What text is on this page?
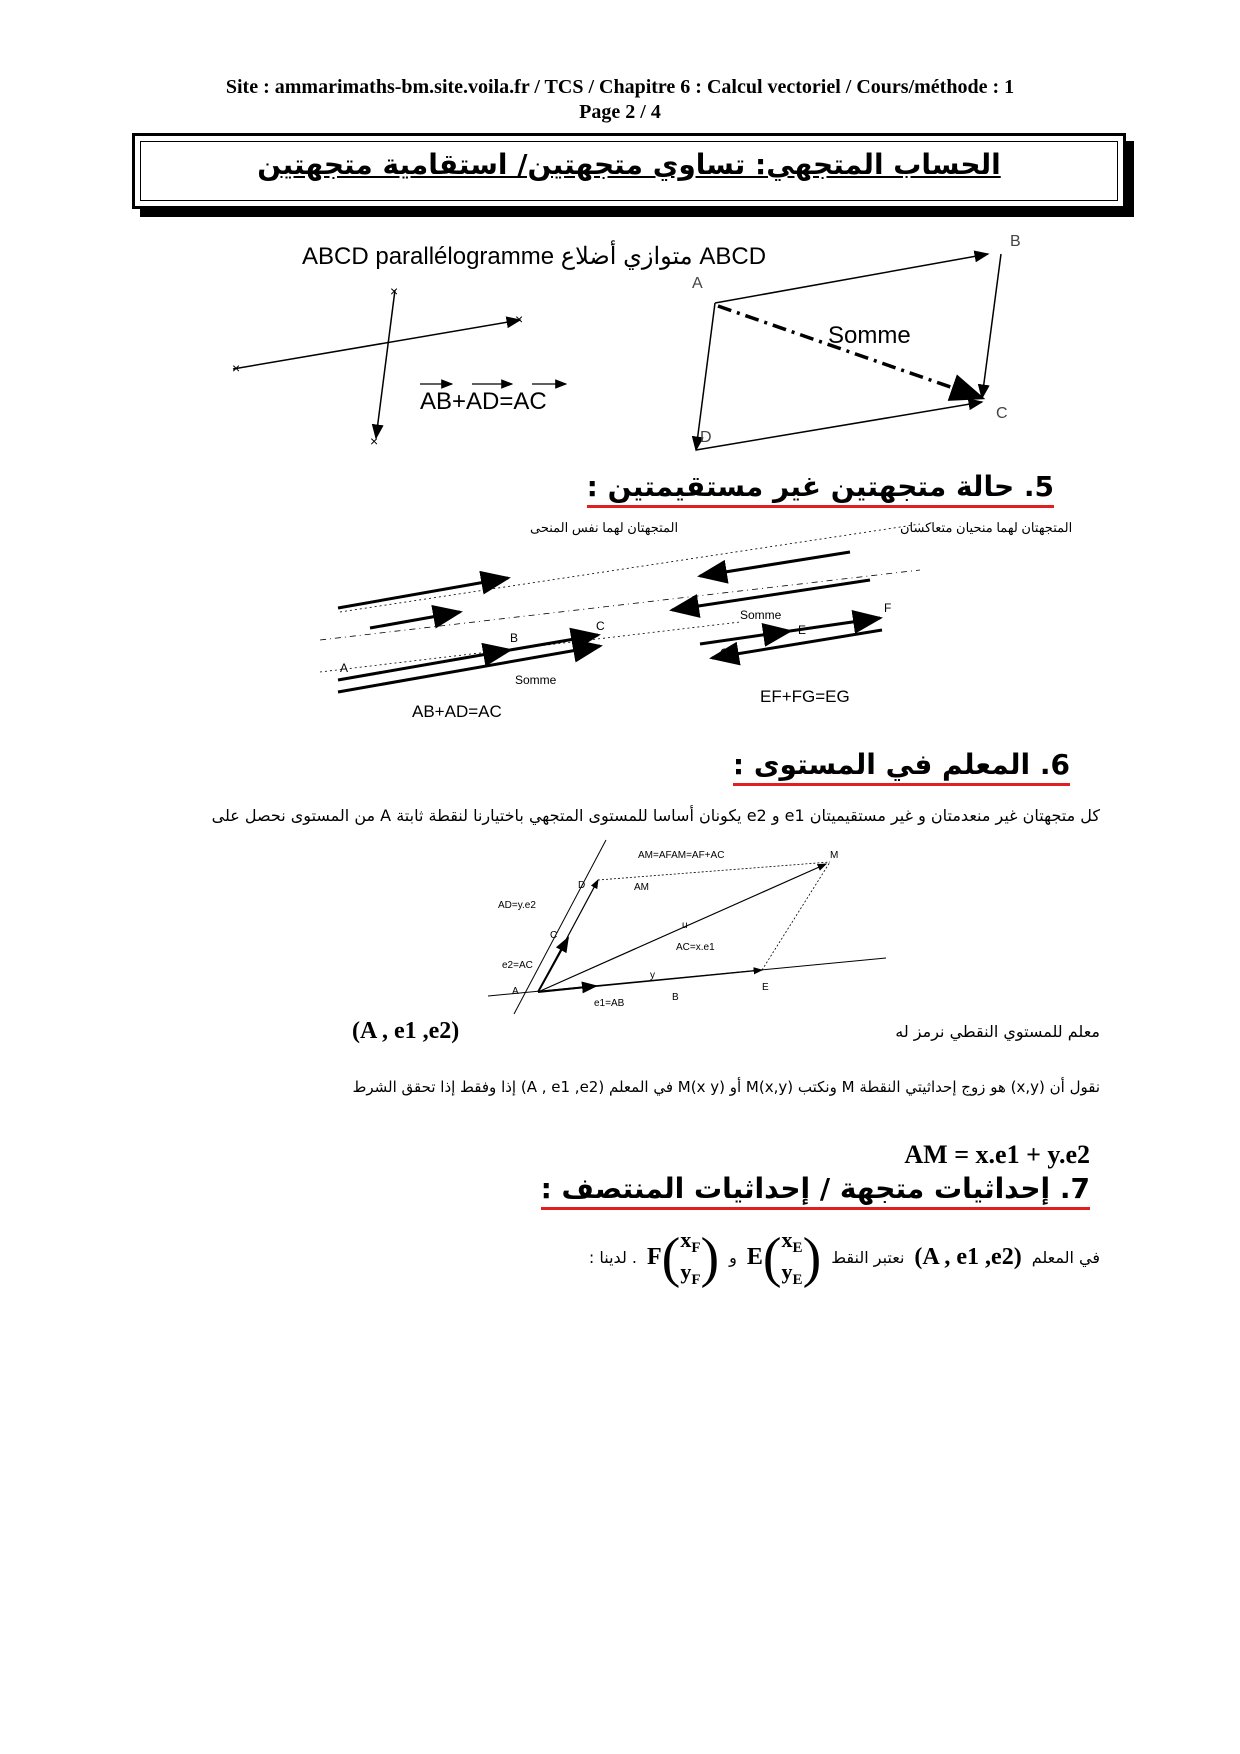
Site : ammarimaths-bm.site.voila.fr / TCS / Chapitre 6 : Calcul vectoriel / Cours/méthode : 1
Page 2 / 4
الحساب المتجهي: تساوي متجهتين/ استقامية متجهتين
ABCD parallélogramme متوازي أضلاع ABCD
×
×
×
×
AB+AD=AC
Somme
A
B
C
D
5. حالة متجهتين غير مستقيمتين :
المتجهتان لهما نفس المنحى	المتجهتان لهما منحيان متعاكسان
A
B
C
Somme
AB+AD=AC
Somme
E
F
G
EF+FG=EG
6. المعلم في المستوى :
كل متجهتان غير منعدمتان و غير مستقيميتان e1 و e2 يكونان أساسا للمستوى المتجهي باختيارنا لنقطة ثابتة A من المستوى نحصل على
AM=AFAM=AF+AC
AM
AD=y.e2
AC=x.e1
e2=AC
e1=AB
u
y
A
B
C
D
E
M
معلم للمستوي النقطي نرمز له
(A , e1 ,e2)
نقول أن (x,y) هو زوج إحداثيتي النقطة M ونكتب M(x,y) أو M(x y) في المعلم (A , e1 ,e2) إذا وفقط إذا تحقق الشرط
AM = x.e1 + y.e2
7. إحداثيات متجهة / إحداثيات المنتصف :
في المعلم
(A , e1 ,e2)
نعتبر النقط
E ( $x_E$
$y_E$ )
و
F ( $x_F$
$y_F$ )
. لدينا :
